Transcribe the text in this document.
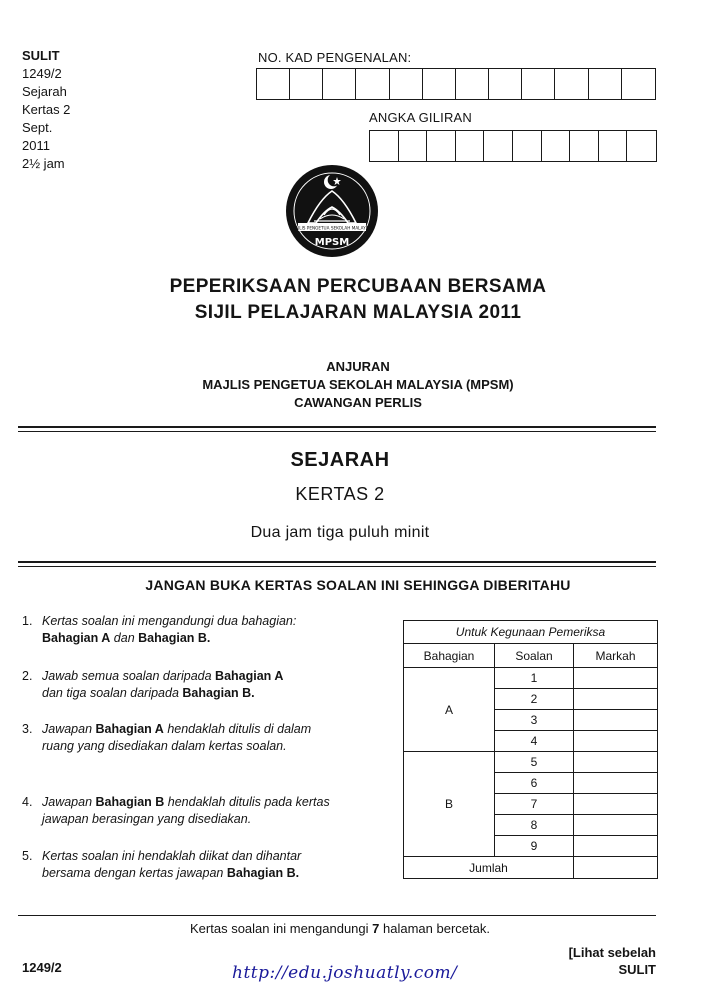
SULIT
1249/2
Sejarah
Kertas 2
Sept.
2011
2½ jam
NO. KAD PENGENALAN:
ANGKA GILIRAN
MAJLIS PENGETUA SEKOLAH MALAYSIA
MPSM
PEPERIKSAAN PERCUBAAN BERSAMA
SIJIL PELAJARAN MALAYSIA 2011
ANJURAN
MAJLIS PENGETUA SEKOLAH MALAYSIA (MPSM)
CAWANGAN PERLIS
SEJARAH
KERTAS 2
Dua jam tiga puluh minit
JANGAN BUKA KERTAS SOALAN INI SEHINGGA DIBERITAHU
1. Kertas soalan ini mengandungi dua bahagian:
Bahagian A dan Bahagian B.
2. Jawab semua soalan daripada Bahagian A
dan tiga soalan daripada Bahagian B.
3. Jawapan Bahagian A hendaklah ditulis di dalam ruang yang disediakan dalam kertas soalan.
4. Jawapan Bahagian B hendaklah ditulis pada kertas jawapan berasingan yang disediakan.
5. Kertas soalan ini hendaklah diikat dan dihantar bersama dengan kertas jawapan Bahagian B.
Untuk Kegunaan Pemeriksa		
Bahagian	Soalan	Markah
A	1	
	2	
	3	
	4	
B	5	
	6	
	7	
	8	
	9	
Jumlah		
Kertas soalan ini mengandungi 7 halaman bercetak.
1249/2
[Lihat sebelah
SULIT
http://edu.joshuatly.com/
